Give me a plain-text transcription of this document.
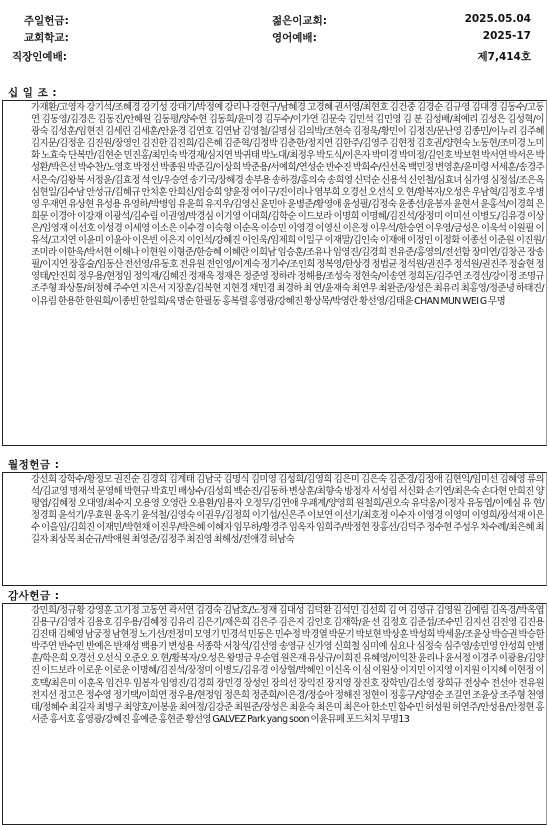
주일헌금:	젊은이교회:	2025.05.04
교회학교:	영어예배:	2025-17
직장인예배:	제7,414호
십 일 조 :
가재환/고영자 강기석/조혜경 강기성 강대기/박정예 강리나 강현구/남혜경 고경혜 권서영/최현호 김건중 김경순 김규영 김대경 김동수/고동연 김동영/김경은 김동진/안혜원 김동평/양수현 김동희/윤미경 김두수/이가연 김문숙 김민석 김민영 김 분 김성배/최예리 김성은 김성혁/이광숙 김성훈/임현진 김세린 김세훈/안윤경 김연호 김연남 김영철/길명심 김의박/조현숙 김정욱/황민이 김정진/문난영 김종민/이누리 김주혜 김지문/김정운 김진원/장영인 김진한 김진희/김은혜 김준혁/김정박 김춘한/정지연 김한주/김영주 김현정 김호권/양현숙 노동현/조미경 노미화 노효숙 단복만/김현순 민진홍/최민숙 박경재/심지연 박귀태 박노대/최정우 박도식/이은자 박미경 박미정/김인호 박보현 박서연 박서은 박성환/박은선 박수찬/노영호 박정선 박종원 박준길/이상희 박준용/서예희/연성순 반수진 박희수/신선옥 백민정 변영훈/윤미령 서세훈/송경주 서은숙/김왕복 서정윤/김효정 석 인/우승연 송기국/장해경 송부용 송하경/홍의숙 송희영 신덕순 신용석 신인철/심효녀 심가영 심정섭/조은옥 심현일/김수남 안성규/김혜규 안치훈 안희신/임승희 양윤정 여이구/진이리나 염부희 오경선 오선식 오 현/황복자/오성은 우남혁/김정호 우병영 우재연 유상현 유성용 유영하/박병임 유윤희 유지우/김영신 윤민아 윤병준/황영애 윤성필/김정숙 윤종선/윤봉자 윤현서 윤홍석/이경희 은희문 이경아 이강재 이광석/김수림 이권영/박경심 이기영 이대희/김학순 이드보라 이명희 이명혜/김진석/장정미 이미선 이병도/김유경 이상은/임영재 이선호 이성경 이세영 이소은 이수경 이숙형 이순옥 이승민 이영경 이영신 이은정 이우석/한승연 이우영/금성은 이욱석 이원필 이유석/고지연 이윤미 이윤아 이은빈 이은지 이인석/강혜진 이인욱/임제희 이일구 이재말/김인숙 이재애 이정인 이정화 이종선 이준원 이진원/조미라 이한욱/박서현 이해나 이현원 이형준/한승혜 이혜란 이희남 임승훈/조유나 임영진/김경희 전유준/홍영의/전선함 장미연/김창곤 장송필/이지연 장홍술/임동산 전선영/유동호 전유원 전인영/이계숙 정기수/조인희 정복영/한상경 정법균 정석원/권진주 정석원/권진주 정술현 정영태/안진희 정우용/현정임 정익재/김혜진 정재욱 정재은 정준영 정하라 정해용/조성숙 정현숙/이송연 정희돈/김주연 조경선/강이정 조명규 조주형 좌상통/허정혜 주수연 지은서 지장훈/김복현 지현경 채민경 최경하 최 연/윤재숙 최연우 최완준/장성은 최유리 최홍영/정준녕 하태진/이유림 한용한 한원희/이종빈 한일희/육명순 한필동 홍복렬 홍영광/강혜진 황상목/박영란 황선영/김태윤 CHAN MUN WEI G 무명
월정헌금 :
강선희 강학수/황정모 권진순 김경희 김계태 김남국 김명식 김미영 김성희/김영희 김은미 김은숙 김준경/김정애 김현익/임미선 김혜영 류의석/김교영 명재석 문영해 박현규 박효민 배상수/김성희 백순진/김동하 변상훈/최향숙 방정자 서성림 서신화 손기연/최은숙 손다현 안희진 양평엽/김혜정 오대영/최수지 오용영 오영란 오용환/임용자 오정무/김연애 우괘계/양영희 원철희/권오숙 유덕옹/이정자 유동엽/이예심 유 현/정경희 윤석기/우효원 윤옥기 윤석철/김영숙 이권우/김정희 이기섭/신은주 이보연 이선기/최호정 이수자 이영경 이영미 이영희/장석재 이은수 이을임/김희진 이재민/박현채 이진우/박은혜 이혜자 임무하/황경주 임옥자 임희주/박정현 장홍선/김덕주 정수현 주성우 차수례/최은혜 최길자 최상목 최순규/박애원 최영준/김정주 최진영 최해성/전애경 허남숙
감사헌금 :
강민희/정규황 강영훈 고기정 고동연 곽서연 김경숙 김남호/노정재 김대성 김덕환 김석민 김선희 김 여 김영규 김영원 김예림 김옥경/박옥엽 김용구/김영자 김용호 김우용/김혜정 김유리 김은기/채은희 김은주 김은지 김인호 김재학/윤 선 김정호 김준섭/조수민 김지선 김진영 김진용 김진태 김혜영 남궁정 남현정 노기선/전정미 모영기 민경석 민동은 민수정 박경열 박문기 박보현 박상훈 박성희 박세윤/조윤상 박승권 박승한 박주연 반수민 반예은 반재성 백용기 변성용 서종학 서창석/김선영 송영규 신가영 신희철 심미예 심요나 심정숙 심주영/송민영 안성희 안병훈/학은희 오경선 오선식 오준오 오 현/황복자/오성은 왕명금 우순엽 원은재 유상규/이희진 유혜영/이익찬 윤리나 윤서정 이경주 이광용/김양진 이드보라 이로운 이로운 이명혜/김진석/장정미 이병도/김유경 이상협/박혜인 이신옥 이 심 이원상 이지민 이지영 이지원 이지혜 이현정 이호택/최은미 이훈옥 임건우 임봉자 임영진/김경희 장민경 장성인 장의선 장익진 장지영 장진호 장학민/김소영 장희규 전상수 전선아 전유원 전지선 정고은 정수영 정기택/이희연 정우용/현정임 정은희 정준희/이은경/정승아 정해진 정현이 정홍구/양영순 조길연 조윤상 조주형 천영태/정혜수 최길자 최병구 최양호/이봉윤 최여정/김강준 최원준/장성은 최윤숙 최은미 최은아 한소민 함수민 허성원 허연주/안성용/안정현 홍서준 홍서호 홍영광/강혜진 홍예준 홍현준 황선영 GALVEZ Park yang soon 이윤뮤페 포드처치 무명13
